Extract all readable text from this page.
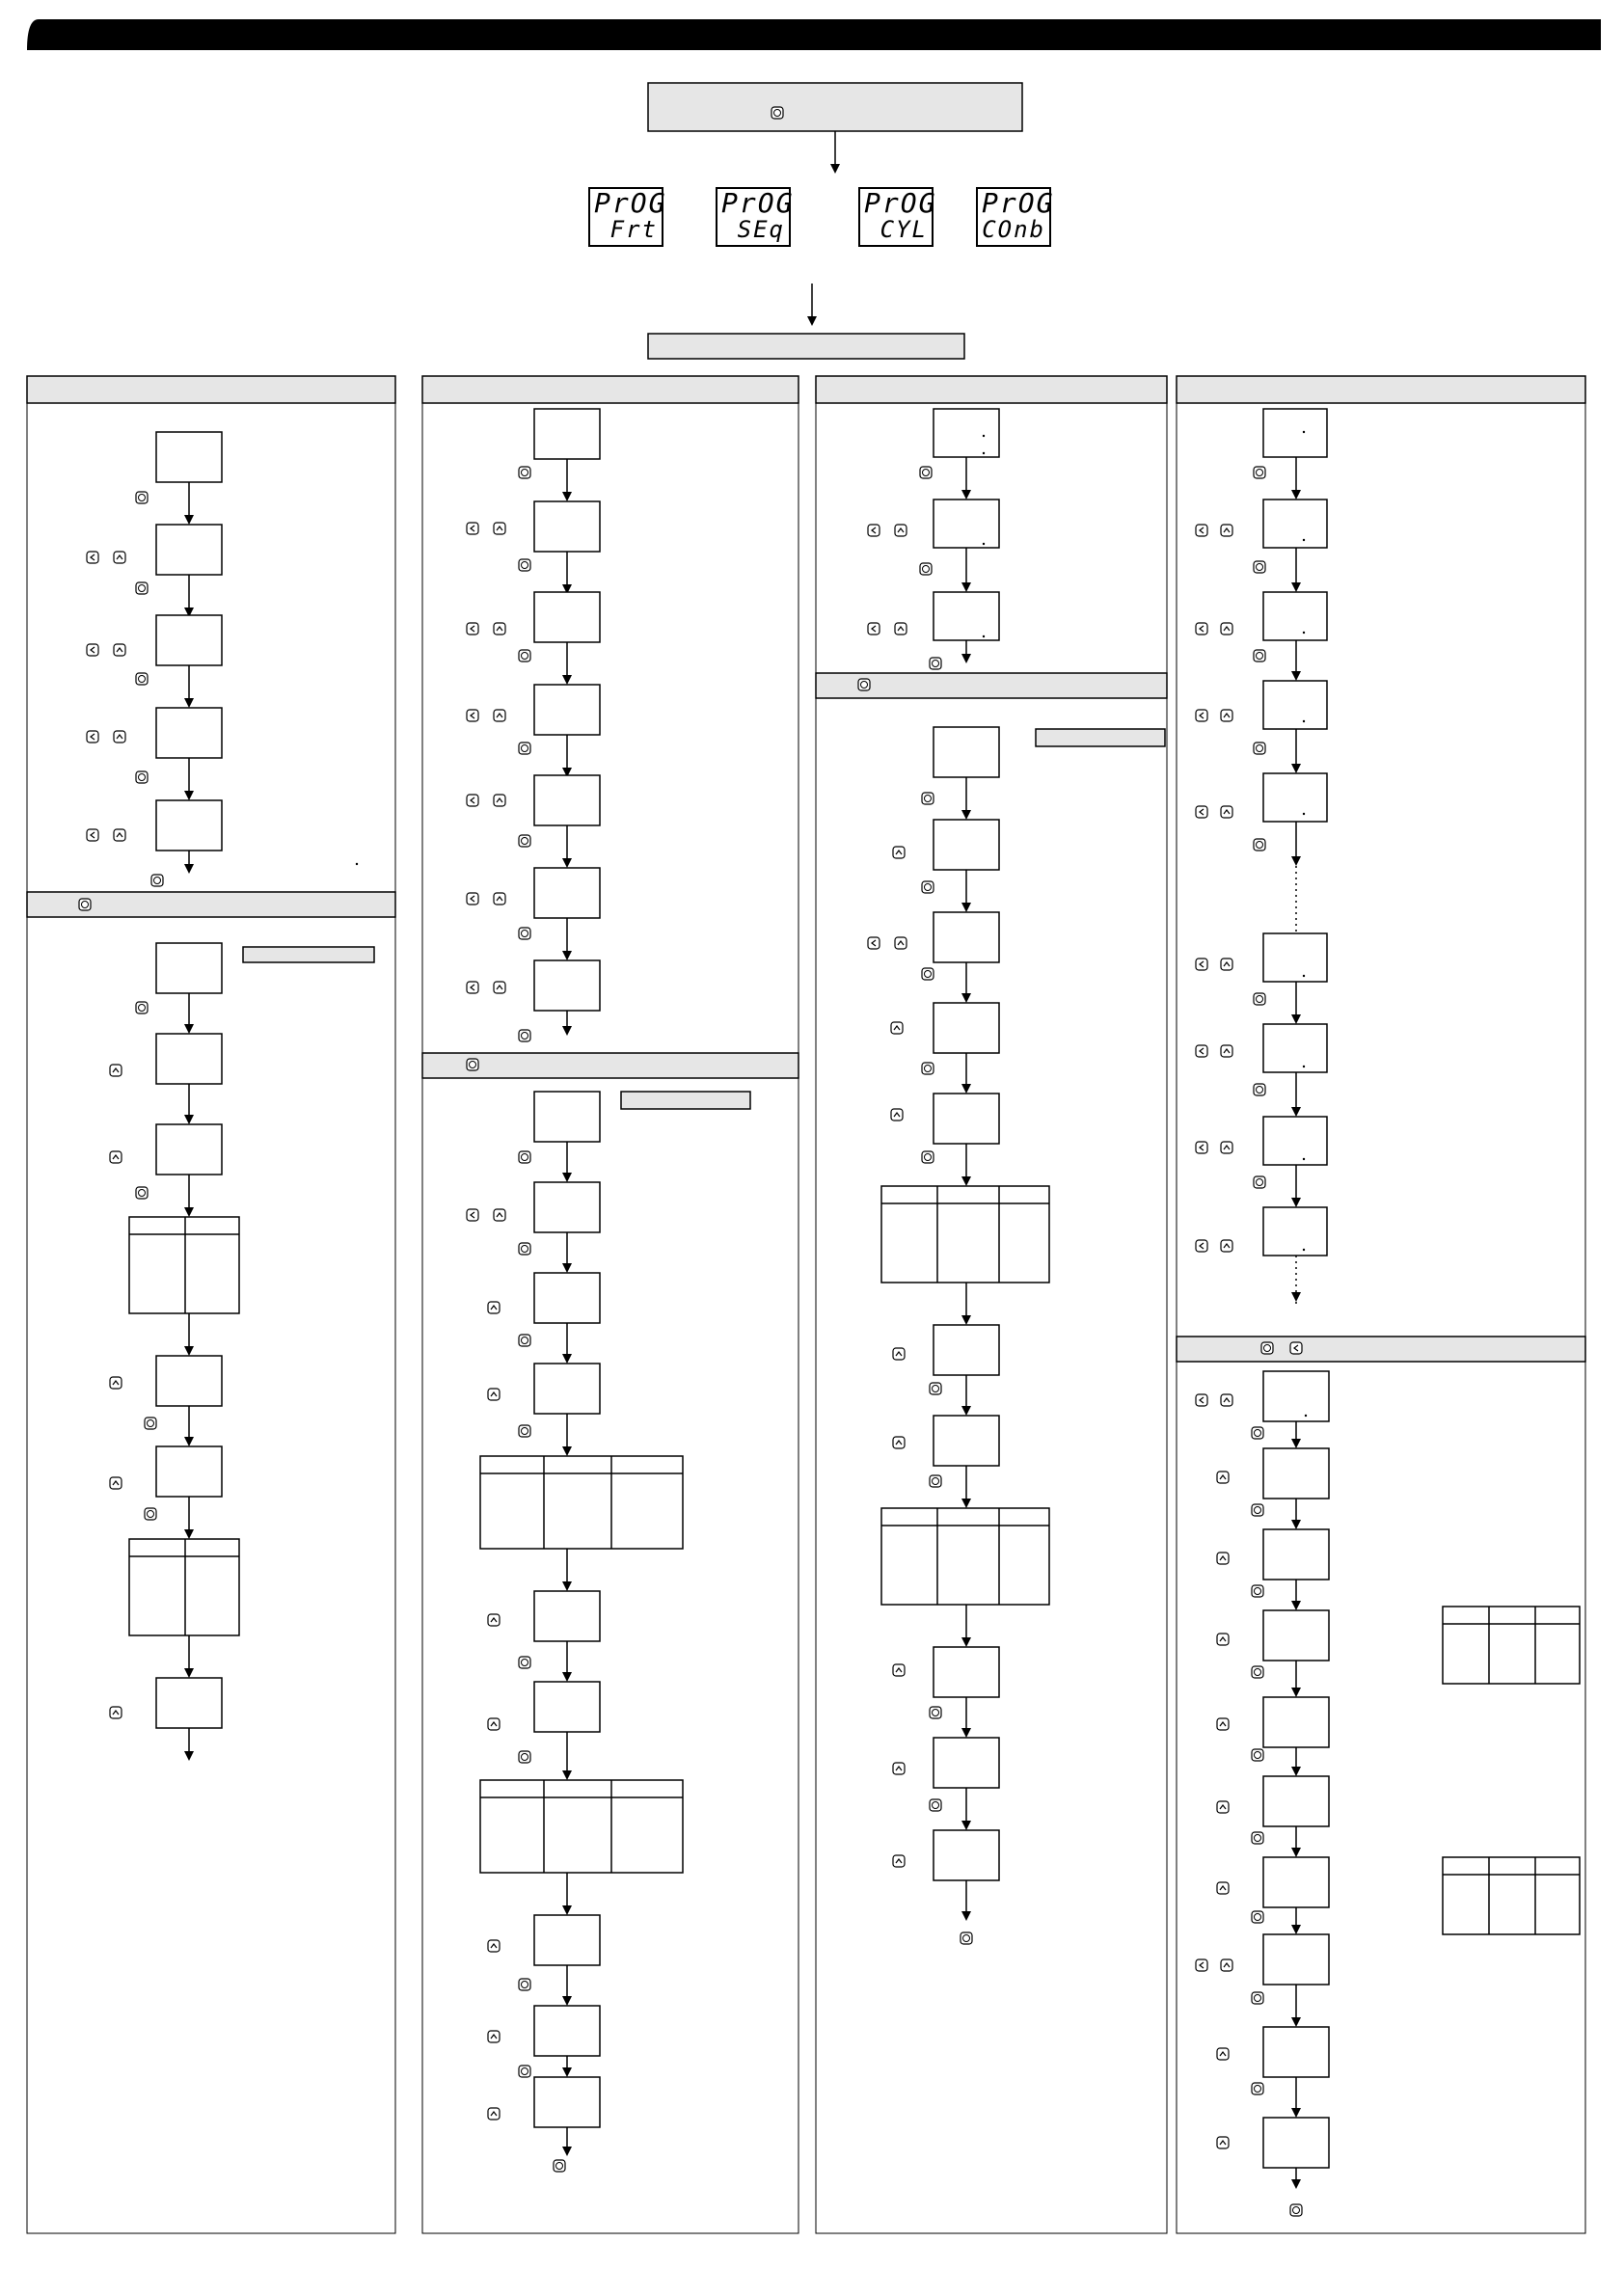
PrOG
Frt
PrOG
SEq
PrOG
CYL
PrOG
COnb
